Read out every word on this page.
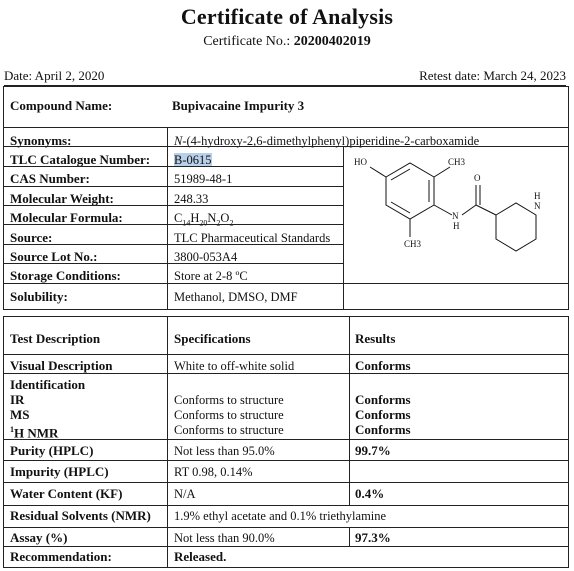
Certificate of Analysis
Certificate No.: 20200402019
Date: April 2, 2020	Retest date: March 24, 2023
Compound Name:	Bupivacaine Impurity 3
Synonyms:	N-(4-hydroxy-2,6-dimethylphenyl)piperidine-2-carboxamide
TLC Catalogue Number: B-0615
CAS Number:	51989-48-1
Molecular Weight:	248.33
Molecular Formula:	$C_{14}H_{20}N_2O_2$
Source:	TLC Pharmaceutical Standards
Source Lot No.:	3800-053A4
Storage Conditions:	Store at 2-8 ºC
Solubility:	Methanol, DMSO, DMF
HO	CH3
CH3
O
N
H
N
H
Test Description	Specifications	Results
Visual Description	White to off-white solid	Conforms
Identification
IR	Conforms to structure	Conforms
MS	Conforms to structure	Conforms
$^1$H NMR	Conforms to structure	Conforms
Purity (HPLC)	Not less than 95.0%	99.7%
Impurity (HPLC)	RT 0.98, 0.14%
Water Content (KF)	N/A	0.4%
Residual Solvents (NMR) 1.9% ethyl acetate and 0.1% triethylamine
Assay (%)	Not less than 90.0%	97.3%
Recommendation:	Released.
